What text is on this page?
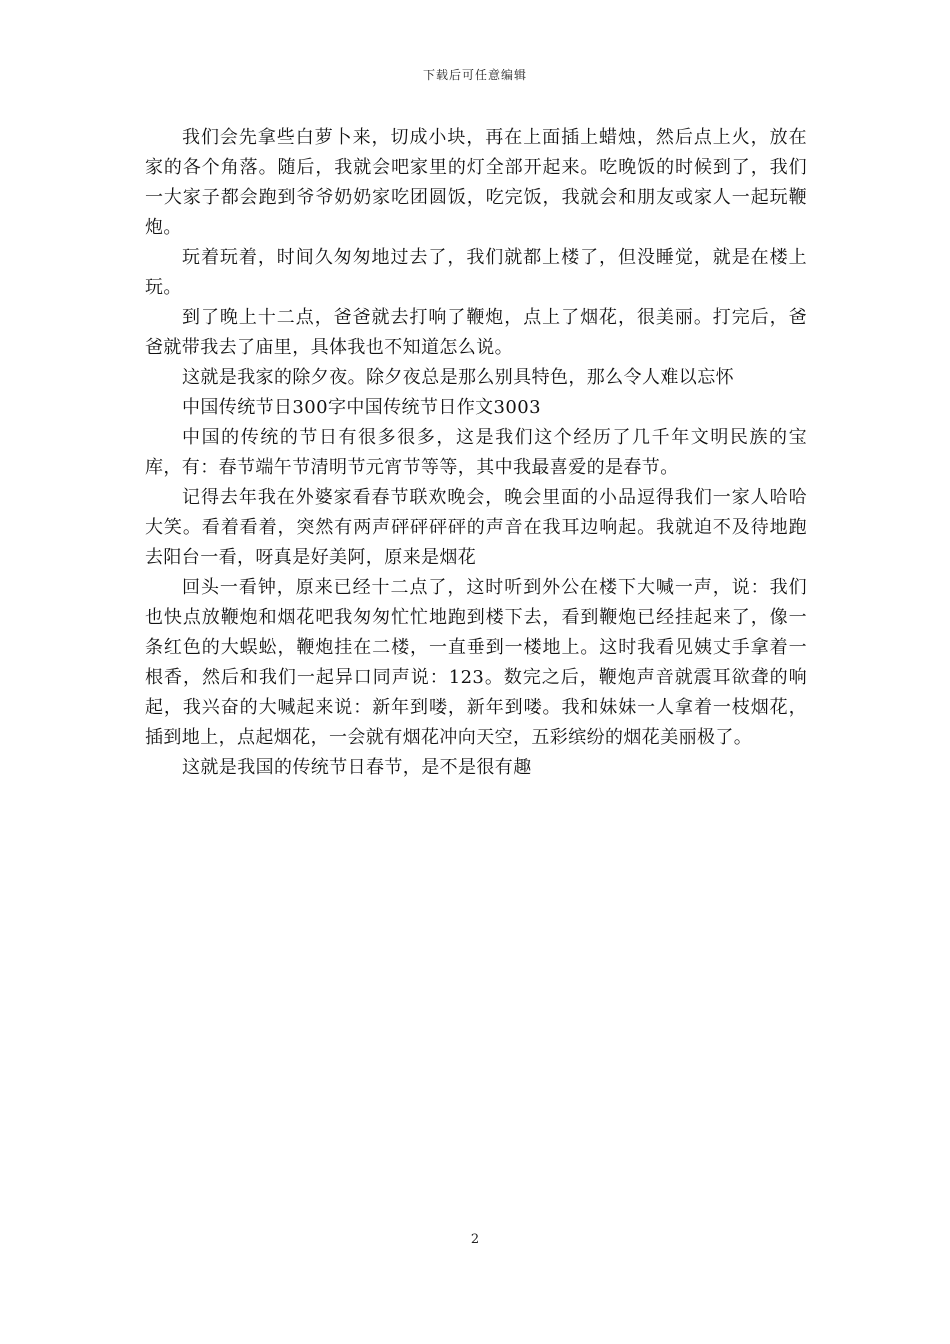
下载后可任意编辑

我们会先拿些白萝卜来，切成小块，再在上面插上蜡烛，然后点上火，放在家的各个角落。随后，我就会吧家里的灯全部开起来。吃晚饭的时候到了，我们一大家子都会跑到爷爷奶奶家吃团圆饭，吃完饭，我就会和朋友或家人一起玩鞭炮。

玩着玩着，时间久匆匆地过去了，我们就都上楼了，但没睡觉，就是在楼上玩。

到了晚上十二点，爸爸就去打响了鞭炮，点上了烟花，很美丽。打完后，爸爸就带我去了庙里，具体我也不知道怎么说。

这就是我家的除夕夜。除夕夜总是那么别具特色，那么令人难以忘怀

中国传统节日300字中国传统节日作文3003

中国的传统的节日有很多很多，这是我们这个经历了几千年文明民族的宝库，有：春节端午节清明节元宵节等等，其中我最喜爱的是春节。

记得去年我在外婆家看春节联欢晚会，晚会里面的小品逗得我们一家人哈哈大笑。看着看着，突然有两声砰砰砰砰的声音在我耳边响起。我就迫不及待地跑去阳台一看，呀真是好美阿，原来是烟花

回头一看钟，原来已经十二点了，这时听到外公在楼下大喊一声，说：我们也快点放鞭炮和烟花吧我匆匆忙忙地跑到楼下去，看到鞭炮已经挂起来了，像一条红色的大蜈蚣，鞭炮挂在二楼，一直垂到一楼地上。这时我看见姨丈手拿着一根香，然后和我们一起异口同声说：123。数完之后，鞭炮声音就震耳欲聋的响起，我兴奋的大喊起来说：新年到喽，新年到喽。我和妹妹一人拿着一枝烟花，插到地上，点起烟花，一会就有烟花冲向天空，五彩缤纷的烟花美丽极了。

这就是我国的传统节日春节，是不是很有趣

2
